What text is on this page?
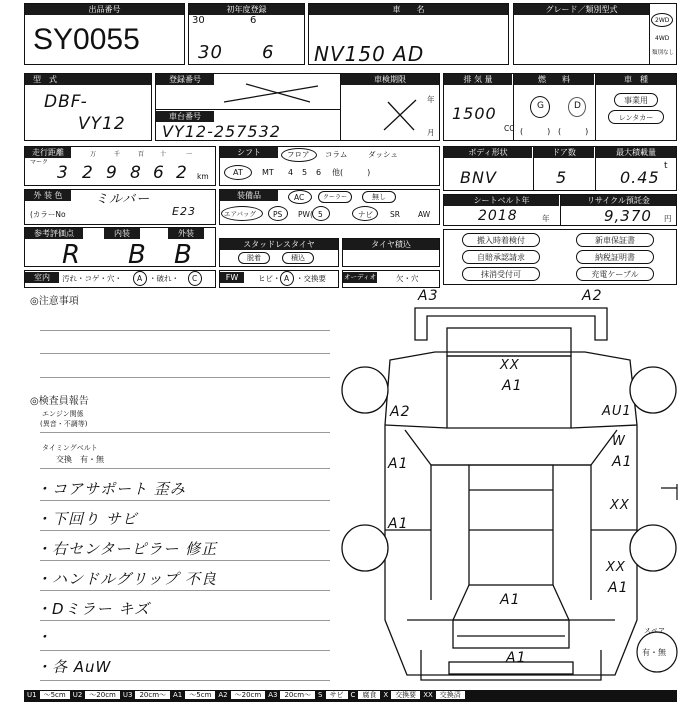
出品番号
SY0055
初年度登録
30	6
30 6
車　　名
NV150 AD
グレード／類別型式
2WD
4WD
類別なし
型　式
DBF-
VY12
登録番号	車検期限
年
月
車台番号
VY12-257532
排 気 量
1500
CC
燃　　料
G	D
(　　　) (　　　)
車　種
事業用
レンタカー
走行距離
マーク
万	千	百	十	一
3 2 9 8 6 2 km
シフト	フロア コラム	ダッシュ
AT MT 4 5 6 他(　　　)
ボディ形状
BNV
ドア数
5
最大積載量
0.45
t
外 装 色	ミルバー
(カラーNo	E23
装備品	AC	クーラー	無し
エアバッグ PS PW( 5	ナビ SR AW
シートベルト年
2018	年
リサイクル預託金
9,370 円
参考評価点	内装	外装
R B B	スタッドレスタイヤ
脱着	積込
タイヤ積込	搬入時着検付	新車保証書
自賠承認請求	納税証明書
抹消受付可	充電ケーブル
室内	汚れ・コゲ・穴・ A ・破れ・ C	FW	ヒビ・ A ・交換要	オーディオ	欠・穴
◎注意事項
◎検査員報告
エンジン関係
(異音・不調等)
タイミングベルト
交換　有・無
・コアサポート 歪み
・下回り サビ
・右センターピラー 修正
・ハンドルグリップ 不良
・Dミラー キズ
・
・各 AuW
A3	A2
XX
A1
A2	AU1
A1
W
A1
A1
XX
XX
A1
A1
A1
スペア
有・無
U1 ～5cm U2 ～20cm U3 20cm～ A1 ～5cm A2 ～20cm A3 20cm～ S サビ C 腐食 X 交換要 XX 交換済
